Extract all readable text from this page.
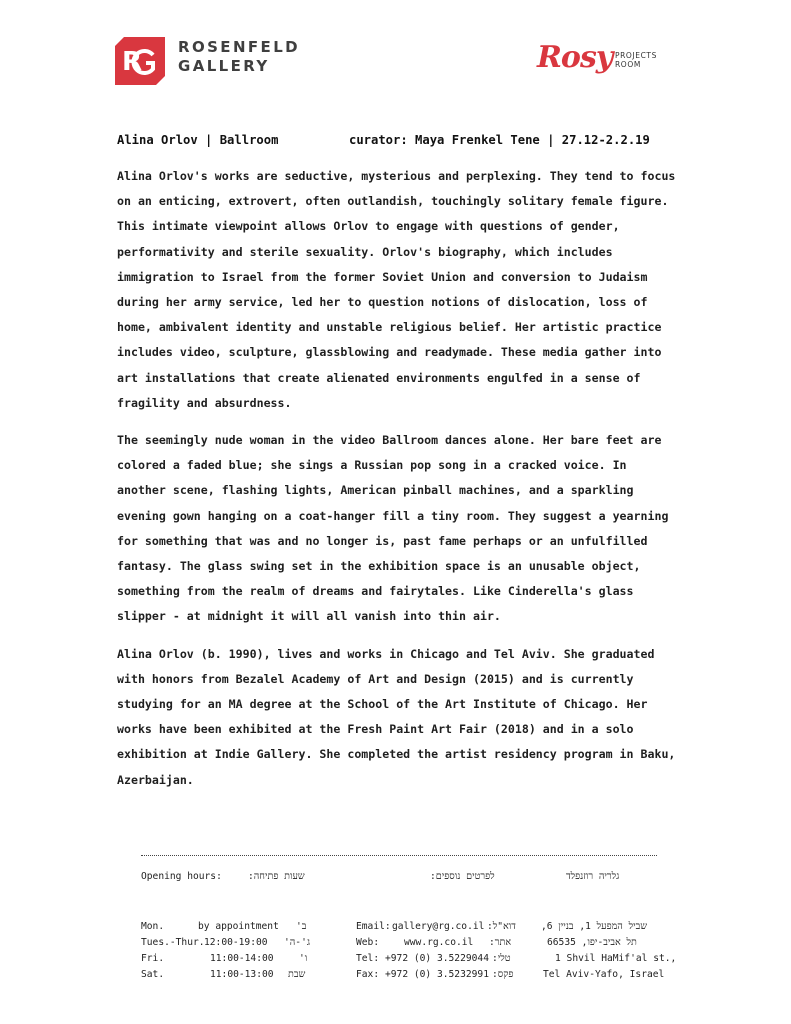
R ROSENFELD
GALLERY	Rosy PROJECTS
ROOM
Alina Orlov | Ballroom	curator: Maya Frenkel Tene | 27.12-2.2.19

Alina Orlov's works are seductive, mysterious and perplexing. They tend to focus on an enticing, extrovert, often outlandish, touchingly solitary female figure. This intimate viewpoint allows Orlov to engage with questions of gender, performativity and sterile sexuality. Orlov's biography, which includes immigration to Israel from the former Soviet Union and conversion to Judaism during her army service, led her to question notions of dislocation, loss of home, ambivalent identity and unstable religious belief. Her artistic practice includes video, sculpture, glassblowing and readymade. These media gather into art installations that create alienated environments engulfed in a sense of fragility and absurdness.

The seemingly nude woman in the video Ballroom dances alone. Her bare feet are colored a faded blue; she sings a Russian pop song in a cracked voice. In another scene, flashing lights, American pinball machines, and a sparkling evening gown hanging on a coat-hanger fill a tiny room. They suggest a yearning for something that was and no longer is, past fame perhaps or an unfulfilled fantasy. The glass swing set in the exhibition space is an unusable object, something from the realm of dreams and fairytales. Like Cinderella's glass slipper - at midnight it will all vanish into thin air.

Alina Orlov (b. 1990), lives and works in Chicago and Tel Aviv. She graduated with honors from Bezalel Academy of Art and Design (2015) and is currently studying for an MA degree at the School of the Art Institute of Chicago. Her works have been exhibited at the Fresh Paint Art Fair (2018) and in a solo exhibition at Indie Gallery. She completed the artist residency program in Baku, Azerbaijan.

Opening hours:	שעות פתיחה:	לפרטים נוספים:	גלריה רוזנפלד
Mon.	by appointment ב'
Tues.-Thur. 12:00-19:00 ג'-ה'
Fri.	11:00-14:00	ו'
Sat.	11:00-13:00 שבת
Email: gallery@rg.co.il דוא"ל:
Web:	www.rg.co.il אתר:
Tel: +972 (0) 3.5229044 טלי:
Fax: +972 (0) 3.5232991 פקס:
שביל המפעל 1, בניין 6,
תל אביב-יפו, 66535
1 Shvil HaMif'al st.,
Tel Aviv-Yafo, Israel
